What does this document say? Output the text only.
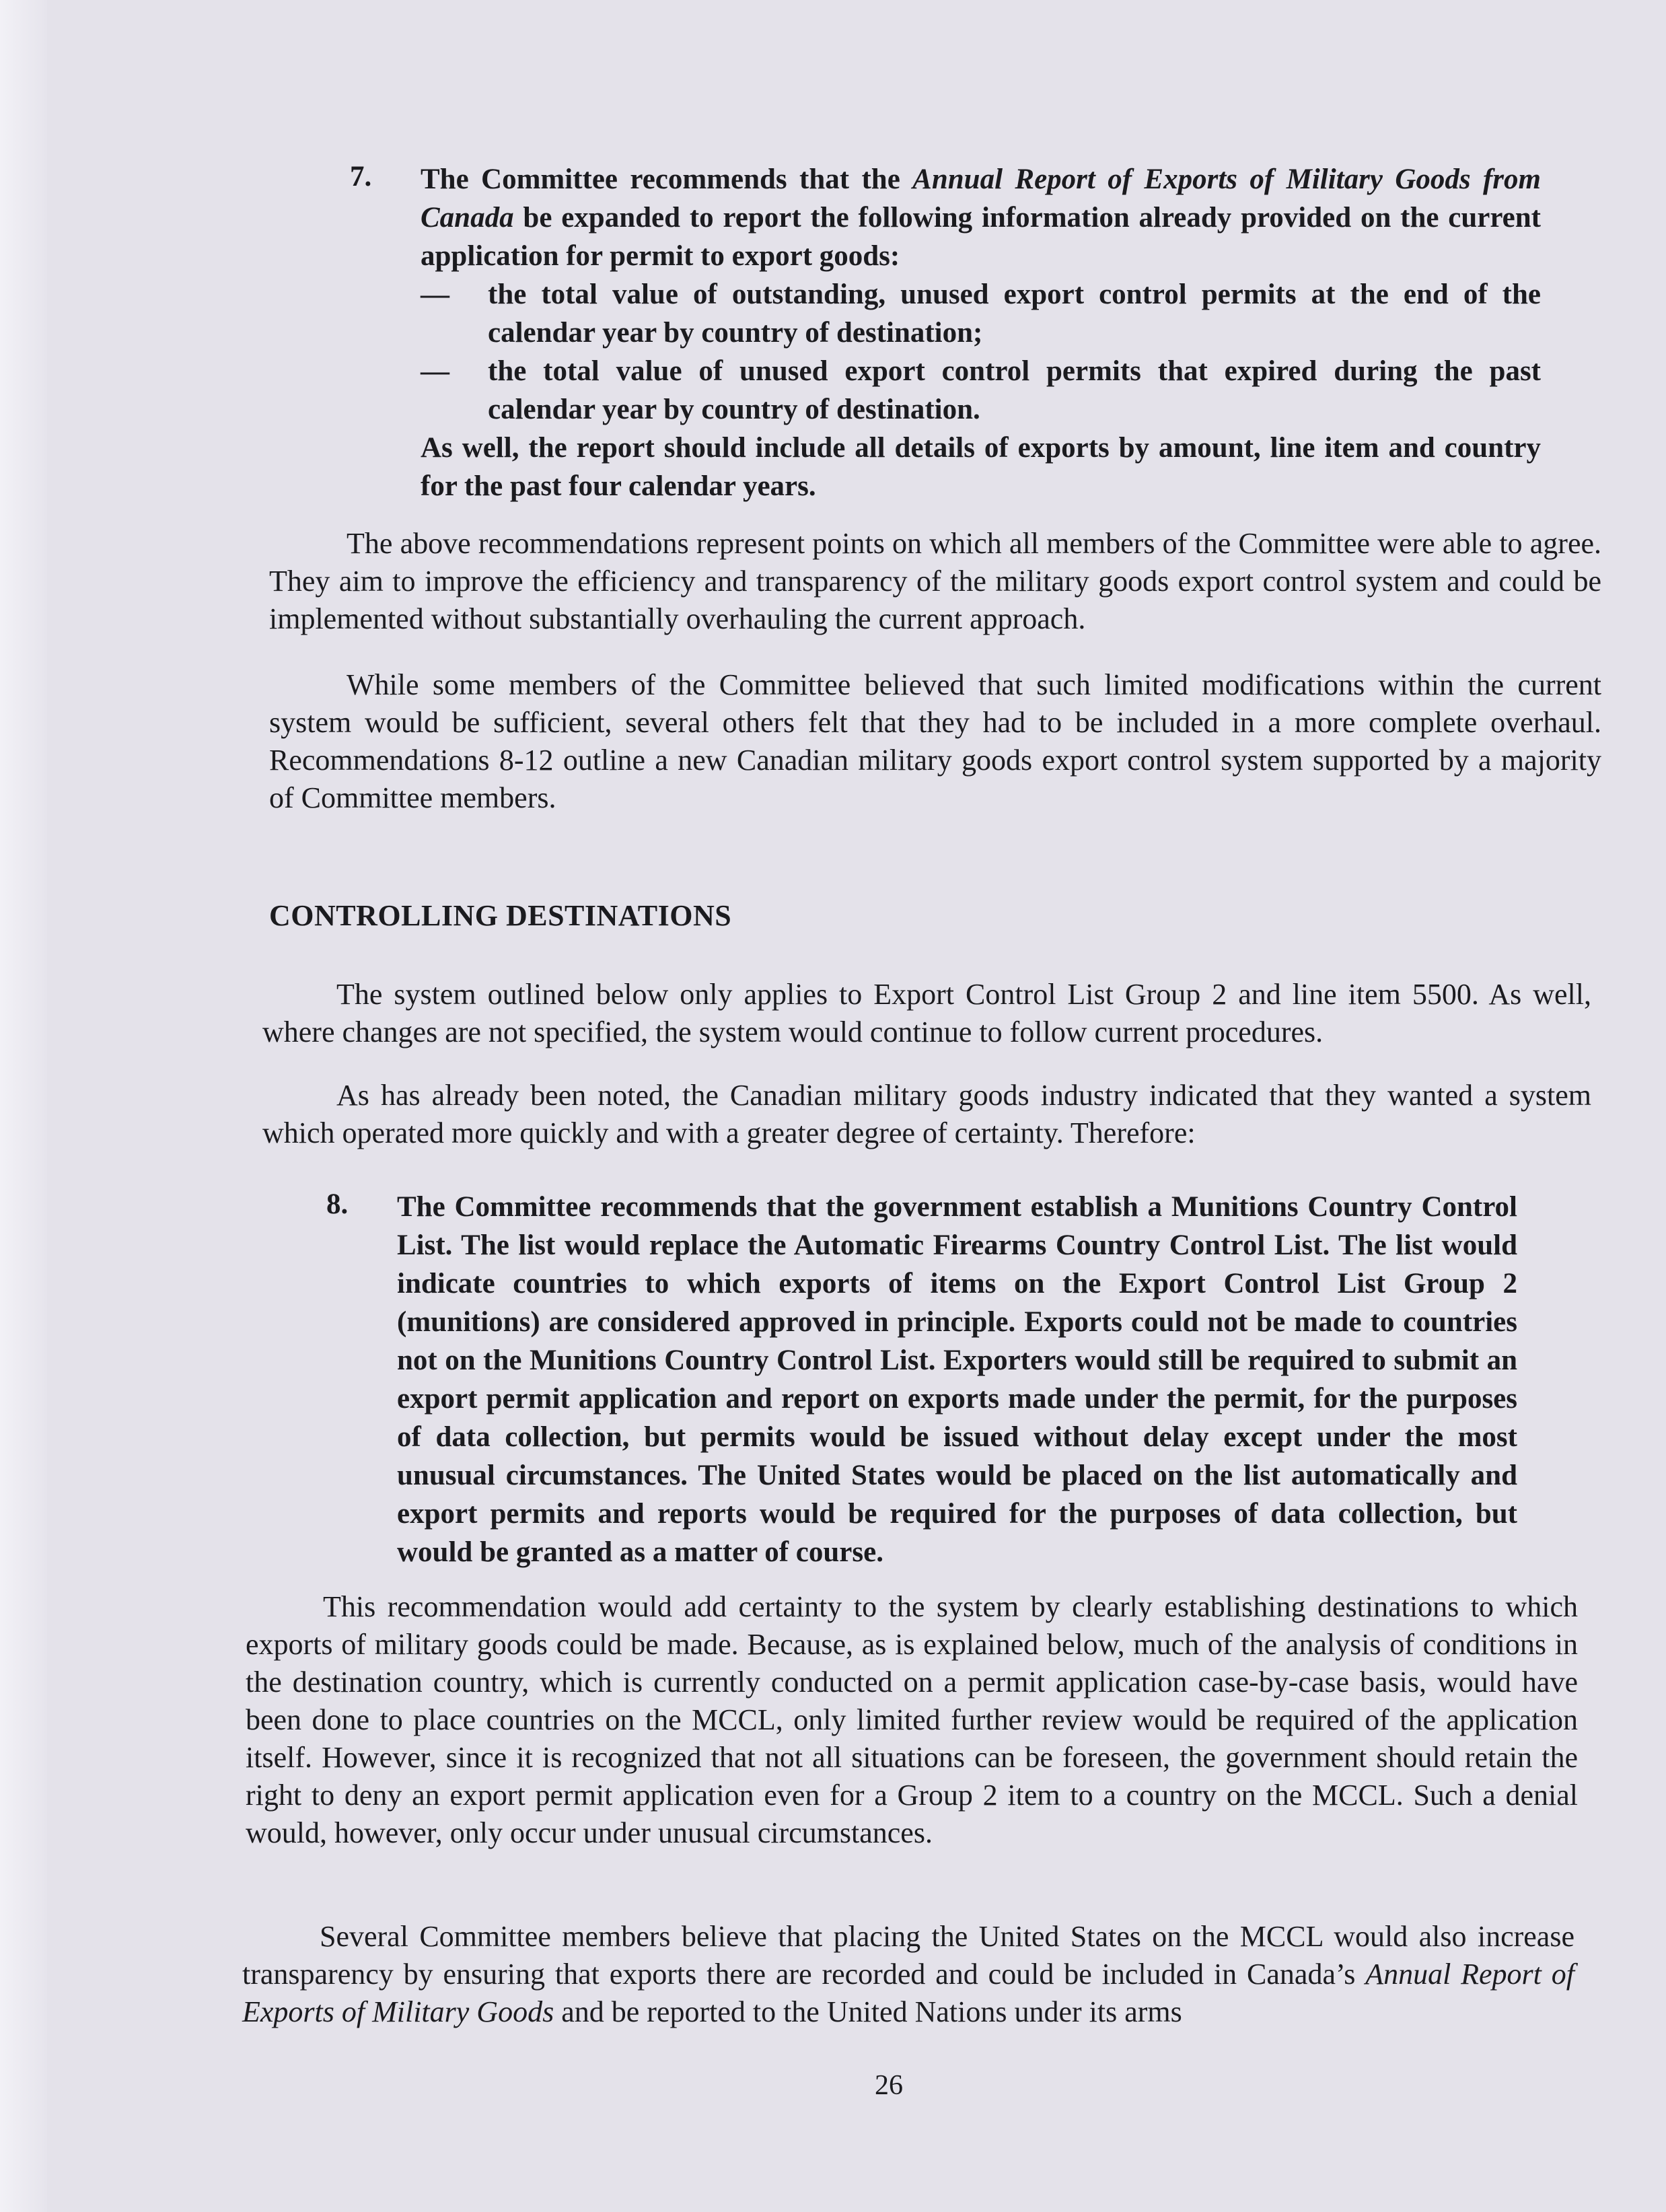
7. The Committee recommends that the Annual Report of Exports of Military Goods from Canada be expanded to report the following information already provided on the current application for permit to export goods:

— the total value of outstanding, unused export control permits at the end of the calendar year by country of destination;

— the total value of unused export control permits that expired during the past calendar year by country of destination.

As well, the report should include all details of exports by amount, line item and country for the past four calendar years.

The above recommendations represent points on which all members of the Committee were able to agree. They aim to improve the efficiency and transparency of the military goods export control system and could be implemented without substantially overhauling the current approach.

While some members of the Committee believed that such limited modifications within the current system would be sufficient, several others felt that they had to be included in a more complete overhaul. Recommendations 8-12 outline a new Canadian military goods export control system supported by a majority of Committee members.

CONTROLLING DESTINATIONS

The system outlined below only applies to Export Control List Group 2 and line item 5500. As well, where changes are not specified, the system would continue to follow current procedures.

As has already been noted, the Canadian military goods industry indicated that they wanted a system which operated more quickly and with a greater degree of certainty. Therefore:

8. The Committee recommends that the government establish a Munitions Country Control List. The list would replace the Automatic Firearms Country Control List. The list would indicate countries to which exports of items on the Export Control List Group 2 (munitions) are considered approved in principle. Exports could not be made to countries not on the Munitions Country Control List. Exporters would still be required to submit an export permit application and report on exports made under the permit, for the purposes of data collection, but permits would be issued without delay except under the most unusual circumstances. The United States would be placed on the list automatically and export permits and reports would be required for the purposes of data collection, but would be granted as a matter of course.

This recommendation would add certainty to the system by clearly establishing destinations to which exports of military goods could be made. Because, as is explained below, much of the analysis of conditions in the destination country, which is currently conducted on a permit application case-by-case basis, would have been done to place countries on the MCCL, only limited further review would be required of the application itself. However, since it is recognized that not all situations can be foreseen, the government should retain the right to deny an export permit application even for a Group 2 item to a country on the MCCL. Such a denial would, however, only occur under unusual circumstances.

Several Committee members believe that placing the United States on the MCCL would also increase transparency by ensuring that exports there are recorded and could be included in Canada’s Annual Report of Exports of Military Goods and be reported to the United Nations under its arms

26
